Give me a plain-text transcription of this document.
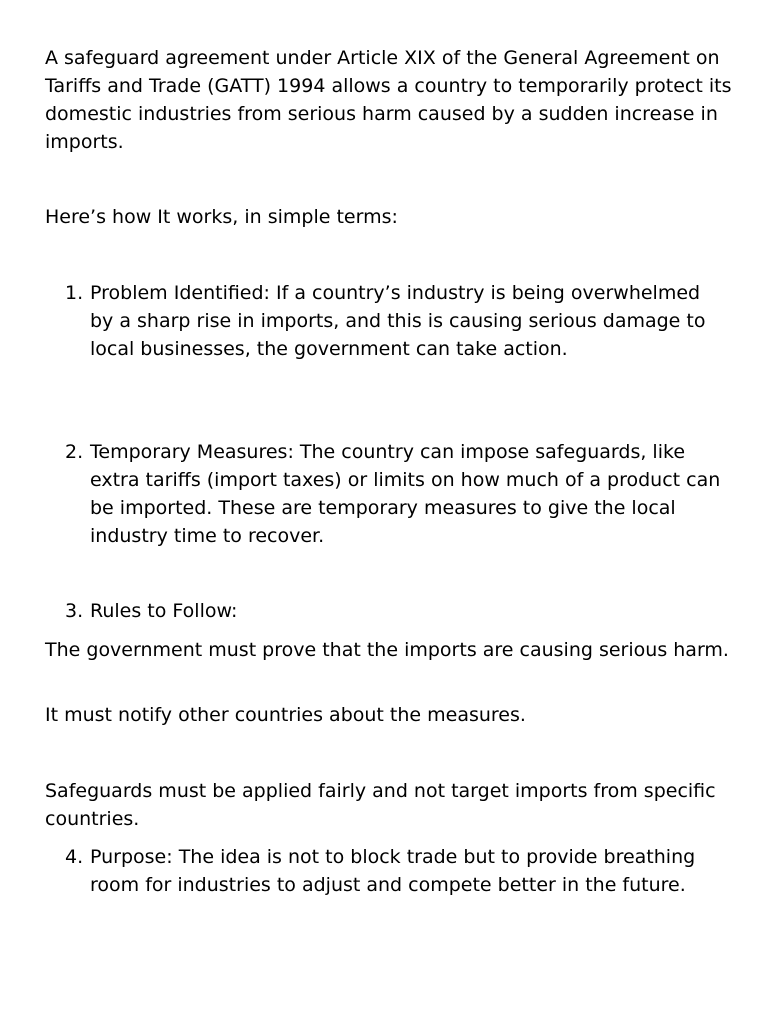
A safeguard agreement under Article XIX of the General Agreement on Tariffs and Trade (GATT) 1994 allows a country to temporarily protect its domestic industries from serious harm caused by a sudden increase in imports.

Here’s how It works, in simple terms:

1. Problem Identified: If a country’s industry is being overwhelmed by a sharp rise in imports, and this is causing serious damage to local businesses, the government can take action.
2. Temporary Measures: The country can impose safeguards, like extra tariffs (import taxes) or limits on how much of a product can be imported. These are temporary measures to give the local industry time to recover.
3. Rules to Follow:

The government must prove that the imports are causing serious harm.

It must notify other countries about the measures.

Safeguards must be applied fairly and not target imports from specific countries.

4. Purpose: The idea is not to block trade but to provide breathing room for industries to adjust and compete better in the future.
